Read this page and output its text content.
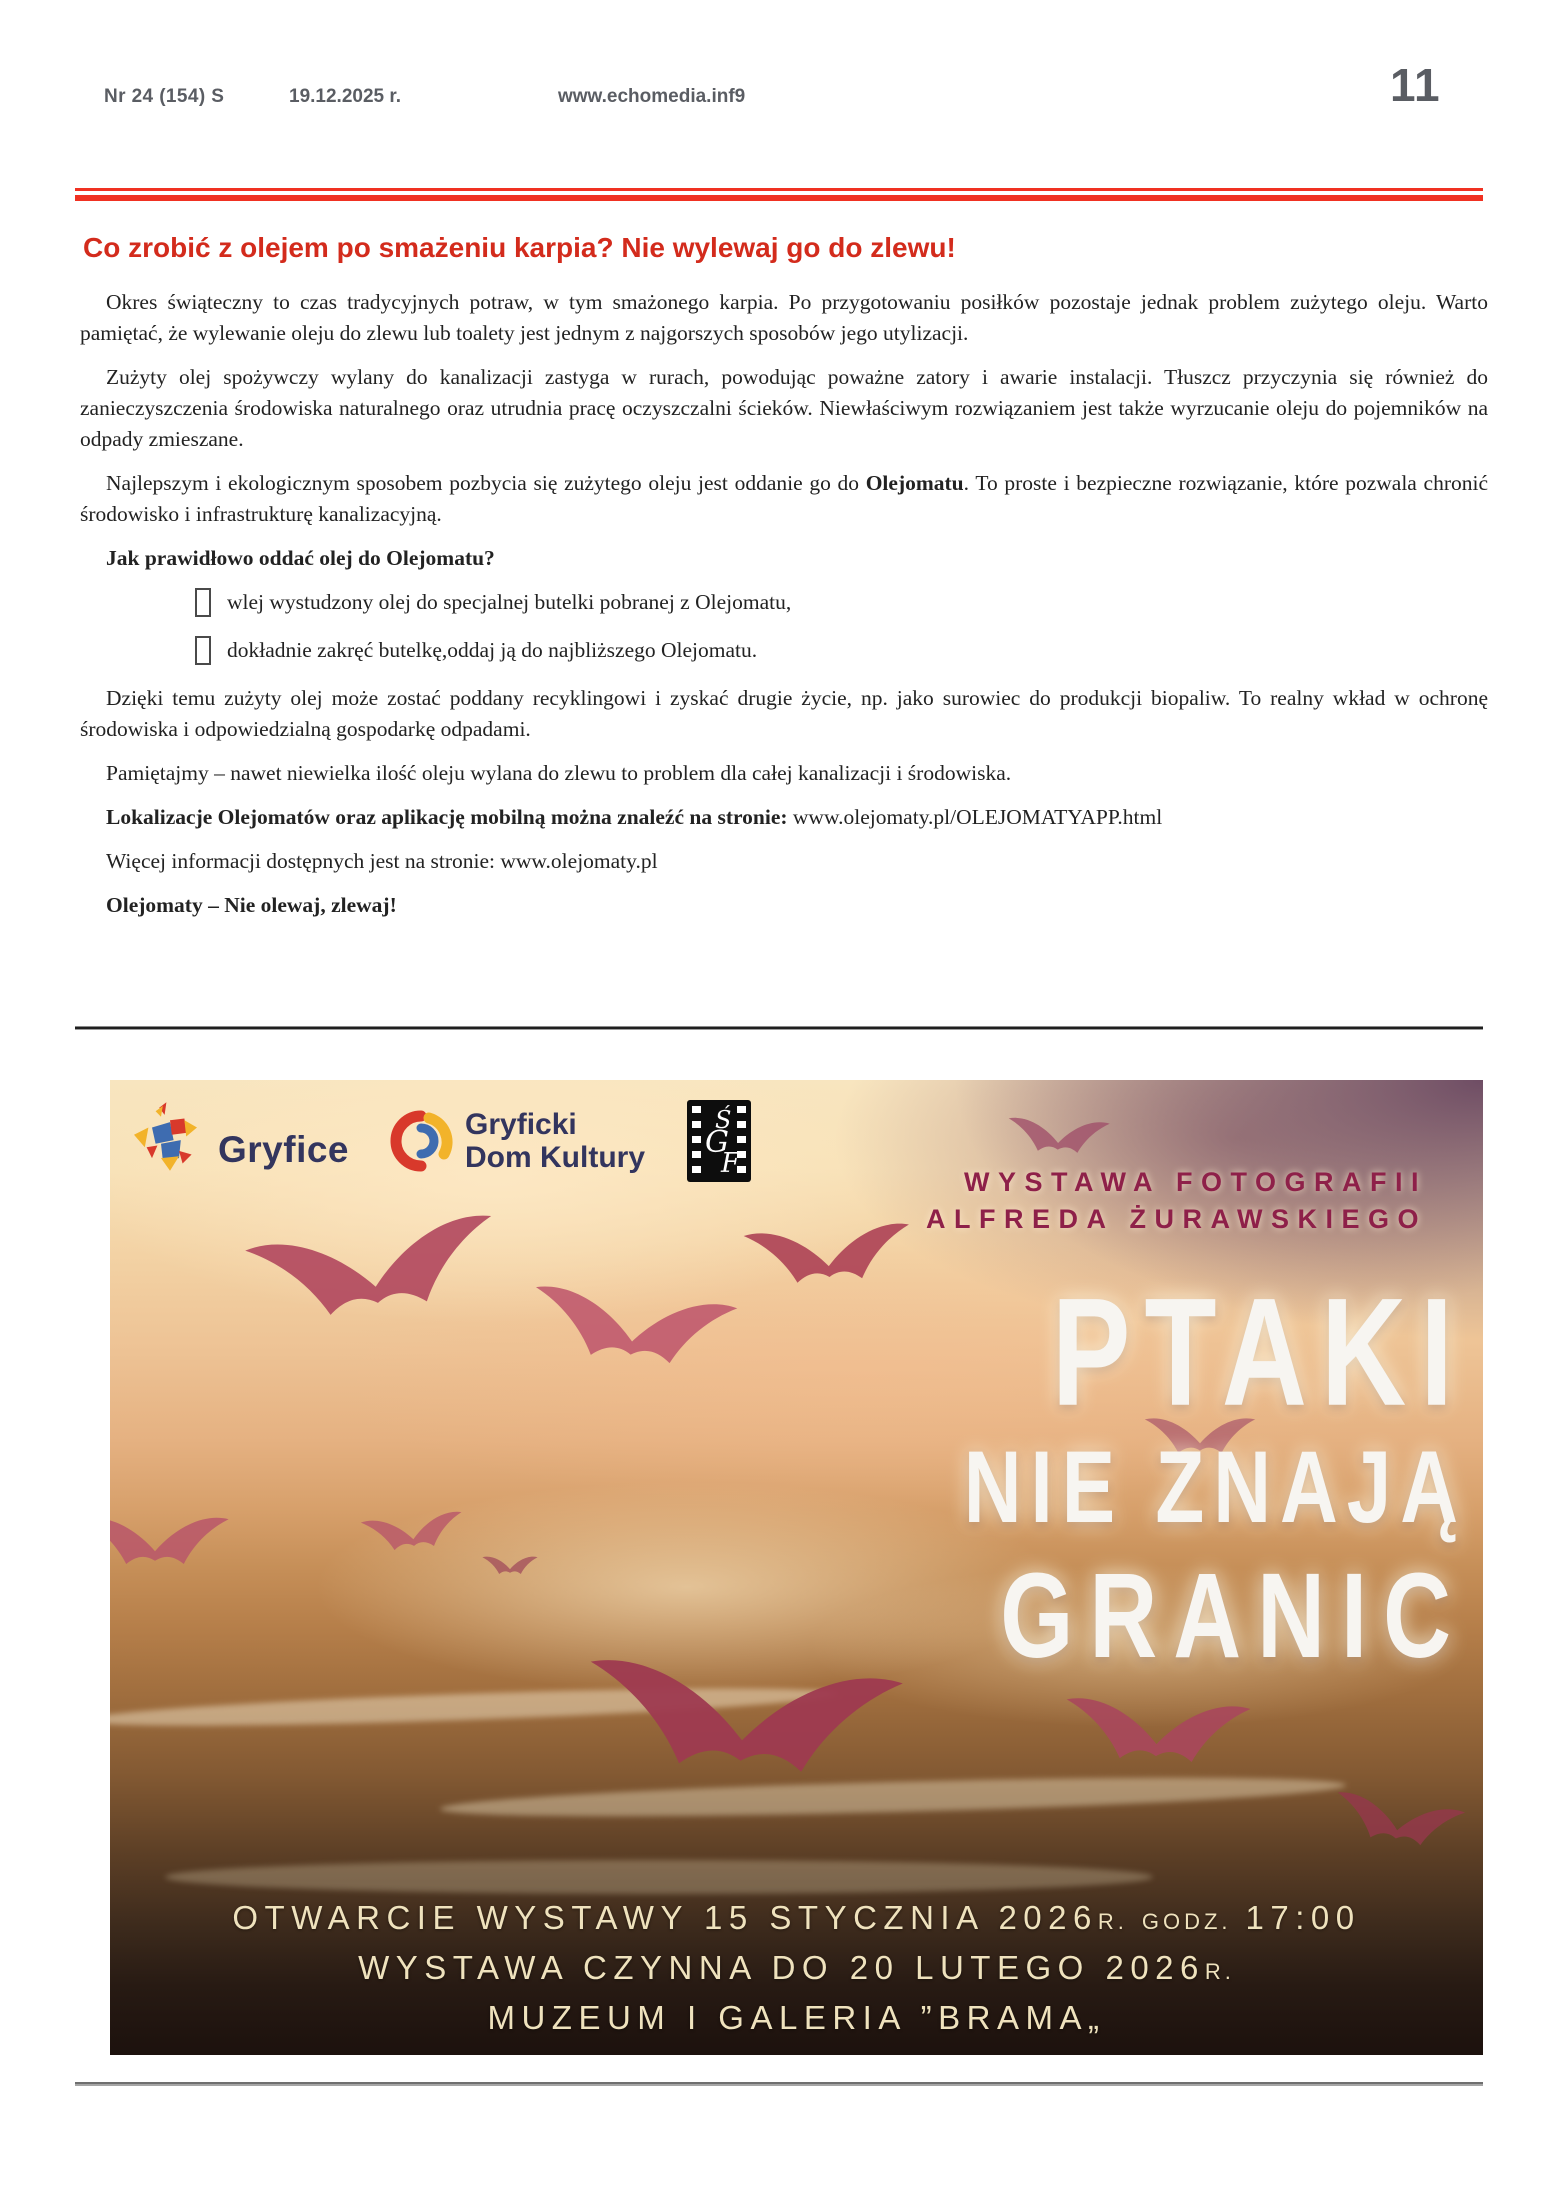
Nr 24 (154) S	19.12.2025 r.	www.echomedia.inf9	11
Co zrobić z olejem po smażeniu karpia? Nie wylewaj go do zlewu!

Okres świąteczny to czas tradycyjnych potraw, w tym smażonego karpia. Po przygotowaniu posiłków pozostaje jednak problem zużytego oleju. Warto pamiętać, że wylewanie oleju do zlewu lub toalety jest jednym z najgorszych sposobów jego utylizacji.

Zużyty olej spożywczy wylany do kanalizacji zastyga w rurach, powodując poważne zatory i awarie instalacji. Tłuszcz przyczynia się również do zanieczyszczenia środowiska naturalnego oraz utrudnia pracę oczyszczalni ścieków. Niewłaściwym rozwiązaniem jest także wyrzucanie oleju do pojemników na odpady zmieszane.

Najlepszym i ekologicznym sposobem pozbycia się zużytego oleju jest oddanie go do Olejomatu. To proste i bezpieczne rozwiązanie, które pozwala chronić środowisko i infrastrukturę kanalizacyjną.

Jak prawidłowo oddać olej do Olejomatu?

wlej wystudzony olej do specjalnej butelki pobranej z Olejomatu,
dokładnie zakręć butelkę,oddaj ją do najbliższego Olejomatu.

Dzięki temu zużyty olej może zostać poddany recyklingowi i zyskać drugie życie, np. jako surowiec do produkcji biopaliw. To realny wkład w ochronę środowiska i odpowiedzialną gospodarkę odpadami.

Pamiętajmy – nawet niewielka ilość oleju wylana do zlewu to problem dla całej kanalizacji i środowiska.

Lokalizacje Olejomatów oraz aplikację mobilną można znaleźć na stronie: www.olejomaty.pl/OLEJOMATYAPP.html

Więcej informacji dostępnych jest na stronie: www.olejomaty.pl

Olejomaty – Nie olewaj, zlewaj!

Gryfice
Gryficki
Dom Kultury
Ś
G
F
WYSTAWA FOTOGRAFII
ALFREDA ŻURAWSKIEGO
PTAKI
NIE ZNAJĄ
GRANIC
OTWARCIE WYSTAWY 15 STYCZNIA 2026R. GODZ. 17:00
WYSTAWA CZYNNA DO 20 LUTEGO 2026R.
MUZEUM I GALERIA ”BRAMA„
